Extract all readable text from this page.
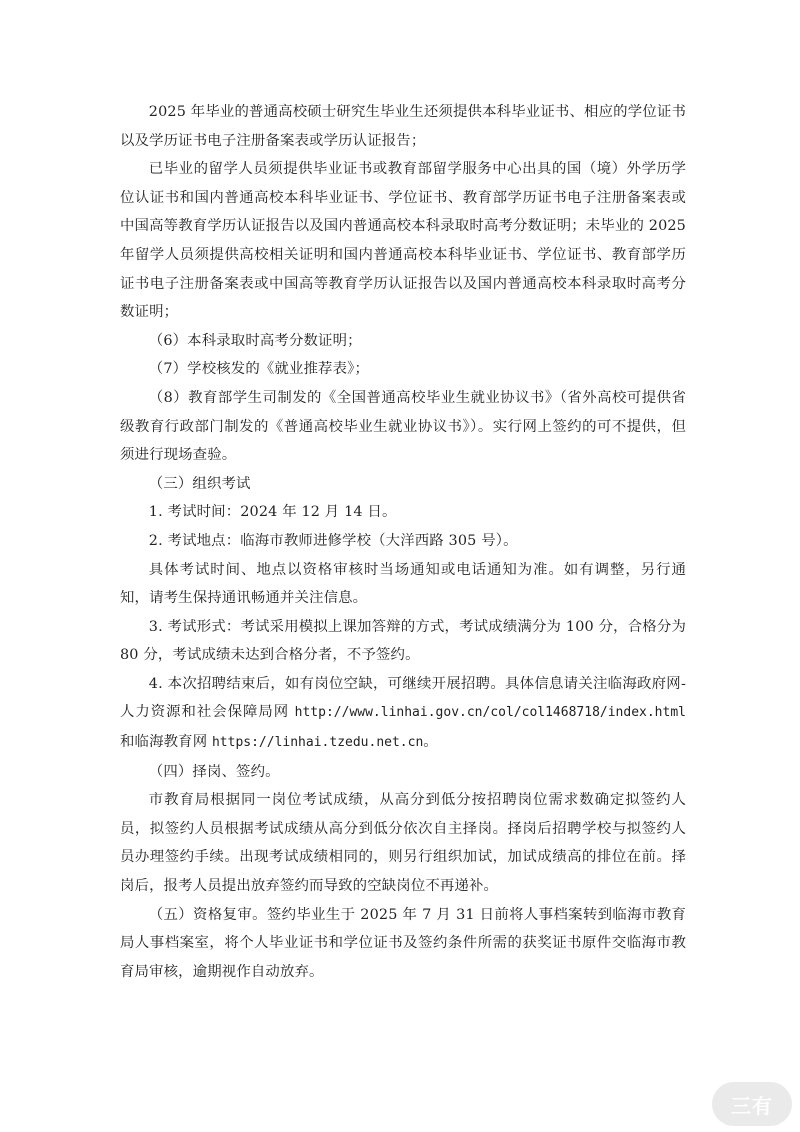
2025 年毕业的普通高校硕士研究生毕业生还须提供本科毕业证书、相应的学位证书以及学历证书电子注册备案表或学历认证报告；

已毕业的留学人员须提供毕业证书或教育部留学服务中心出具的国（境）外学历学位认证书和国内普通高校本科毕业证书、学位证书、教育部学历证书电子注册备案表或中国高等教育学历认证报告以及国内普通高校本科录取时高考分数证明；未毕业的 2025 年留学人员须提供高校相关证明和国内普通高校本科毕业证书、学位证书、教育部学历证书电子注册备案表或中国高等教育学历认证报告以及国内普通高校本科录取时高考分数证明；

（6）本科录取时高考分数证明；

（7）学校核发的《就业推荐表》；

（8）教育部学生司制发的《全国普通高校毕业生就业协议书》（省外高校可提供省级教育行政部门制发的《普通高校毕业生就业协议书》）。实行网上签约的可不提供，但须进行现场查验。

（三）组织考试

1. 考试时间：2024 年 12 月 14 日。

2. 考试地点：临海市教师进修学校（大洋西路 305 号）。

具体考试时间、地点以资格审核时当场通知或电话通知为准。如有调整，另行通知，请考生保持通讯畅通并关注信息。

3. 考试形式：考试采用模拟上课加答辩的方式，考试成绩满分为 100 分，合格分为 80 分，考试成绩未达到合格分者，不予签约。

4. 本次招聘结束后，如有岗位空缺，可继续开展招聘。具体信息请关注临海政府网-人力资源和社会保障局网 http://www.linhai.gov.cn/col/col1468718/index.html 和临海教育网 https://linhai.tzedu.net.cn。

（四）择岗、签约。

市教育局根据同一岗位考试成绩，从高分到低分按招聘岗位需求数确定拟签约人员，拟签约人员根据考试成绩从高分到低分依次自主择岗。择岗后招聘学校与拟签约人员办理签约手续。出现考试成绩相同的，则另行组织加试，加试成绩高的排位在前。择岗后，报考人员提出放弃签约而导致的空缺岗位不再递补。

（五）资格复审。签约毕业生于 2025 年 7 月 31 日前将人事档案转到临海市教育局人事档案室，将个人毕业证书和学位证书及签约条件所需的获奖证书原件交临海市教育局审核，逾期视作自动放弃。

三有
